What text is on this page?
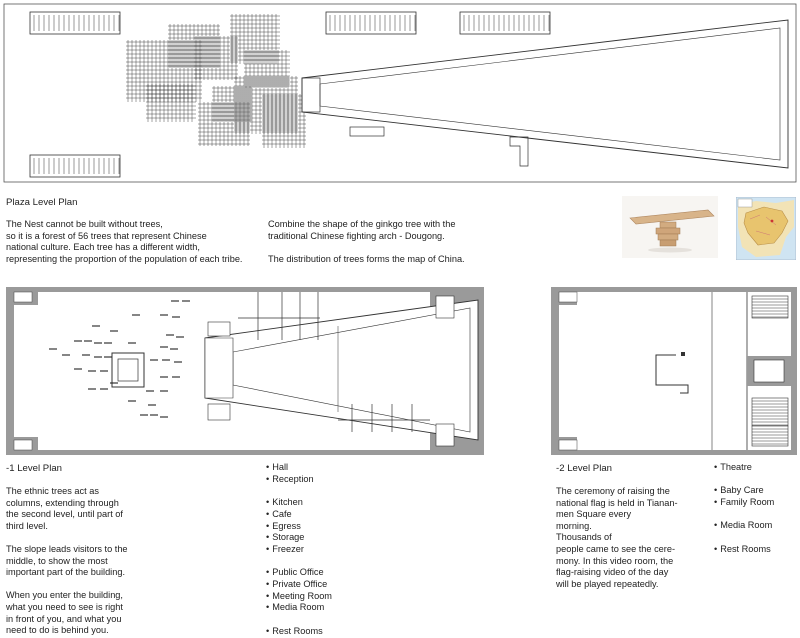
Plaza Level Plan
The Nest cannot be built without trees,
so it is a forest of 56 trees that represent Chinese
national culture. Each tree has a different width,
representing the proportion of the population of each tribe.
Combine the shape of the ginkgo tree with the
traditional Chinese fighting arch - Dougong.

The distribution of trees forms the map of China.
-1 Level Plan
The ethnic trees act as
columns, extending through
the second level, until part of
third level.

The slope leads visitors to the
middle, to show the most
important part of the building.

When you enter the building,
what you need to see is right
in front of you, and what you
need to do is behind you.
• Hall
• Reception
• Kitchen
• Cafe
• Egress
• Storage
• Freezer
• Public Office
• Private Office
• Meeting Room
• Media Room
• Rest Rooms
-2 Level Plan
The ceremony of raising the
national flag is held in Tianan-
men Square every
morning.
Thousands of
people came to see the cere-
mony. In this video room, the
flag-raising video of the day
will be played repeatedly.
• Theatre
• Baby Care
• Family Room
• Media Room
• Rest Rooms
